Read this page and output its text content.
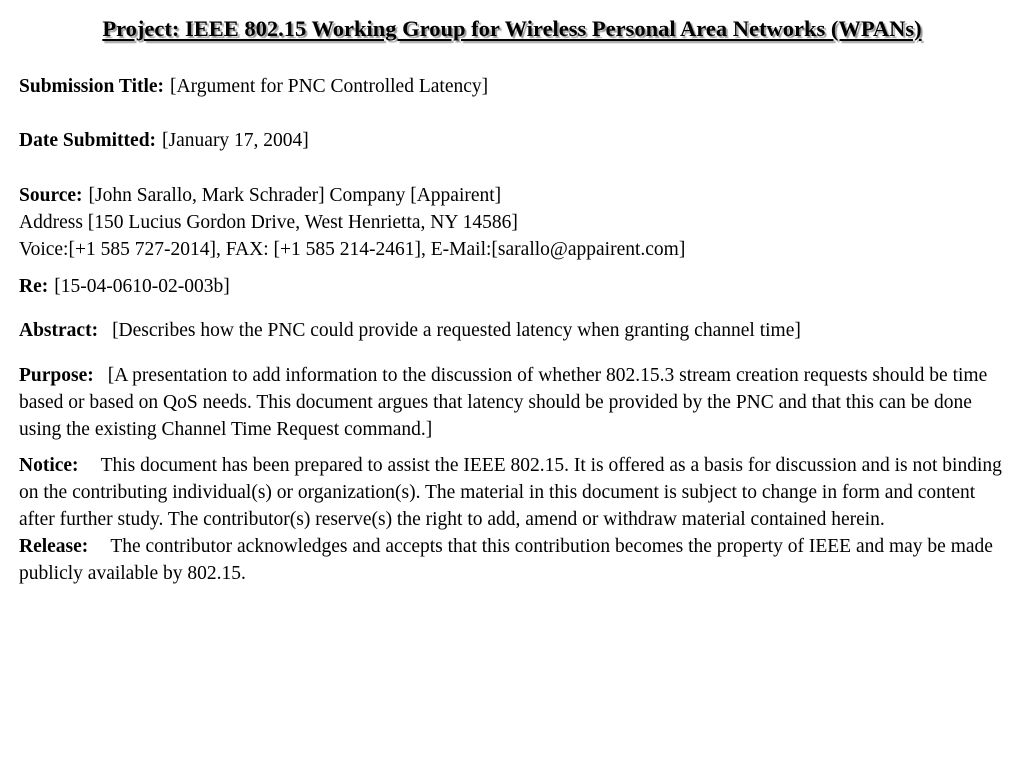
Project: IEEE 802.15 Working Group for Wireless Personal Area Networks (WPANs)
Submission Title: [Argument for PNC Controlled Latency]
Date Submitted: [January 17, 2004]
Source: [John Sarallo, Mark Schrader] Company [Appairent]
Address [150 Lucius Gordon Drive, West Henrietta, NY 14586]
Voice:[+1 585 727-2014], FAX: [+1 585 214-2461], E-Mail:[sarallo@appairent.com]
Re: [15-04-0610-02-003b]
Abstract: [Describes how the PNC could provide a requested latency when granting channel time]
Purpose: [A presentation to add information to the discussion of whether 802.15.3 stream creation requests should be time based or based on QoS needs. This document argues that latency should be provided by the PNC and that this can be done using the existing Channel Time Request command.]
Notice: This document has been prepared to assist the IEEE 802.15. It is offered as a basis for discussion and is not binding on the contributing individual(s) or organization(s). The material in this document is subject to change in form and content after further study. The contributor(s) reserve(s) the right to add, amend or withdraw material contained herein.
Release: The contributor acknowledges and accepts that this contribution becomes the property of IEEE and may be made publicly available by 802.15.
